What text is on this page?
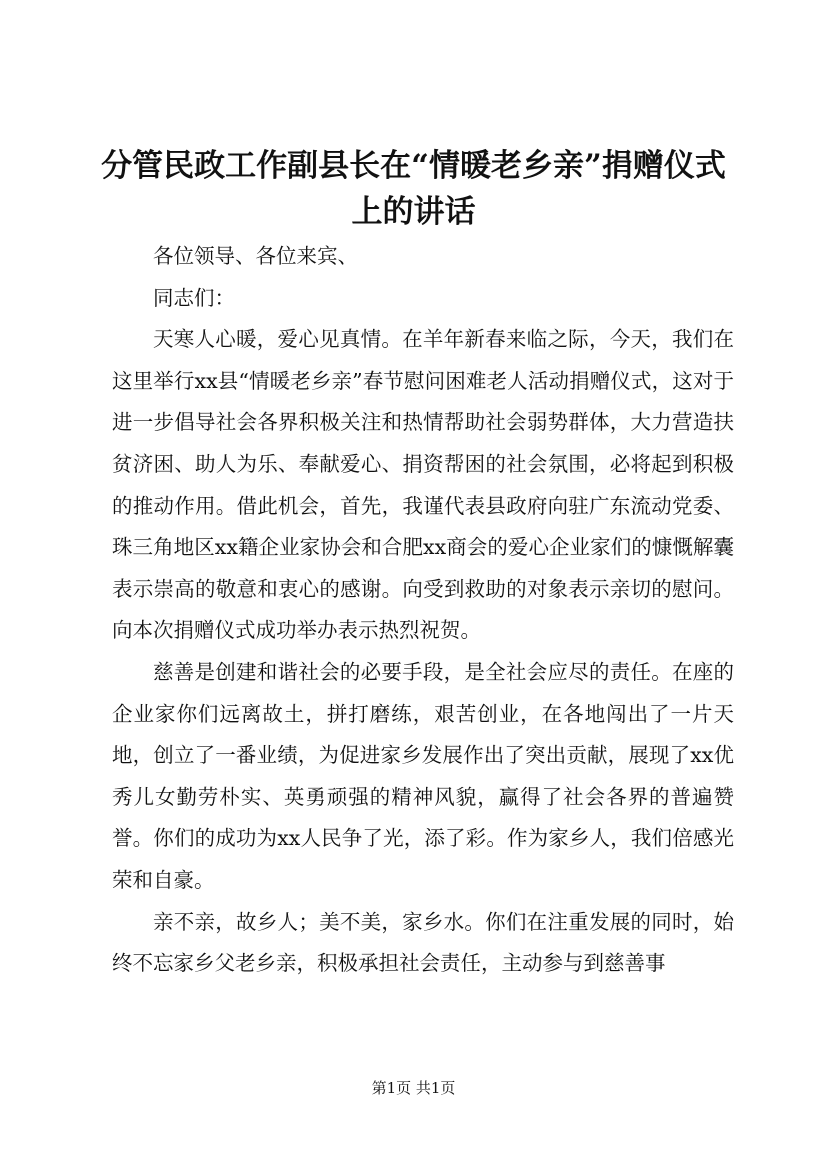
分管民政工作副县长在“情暖老乡亲”捐赠仪式上的讲话

各位领导、各位来宾、

同志们：

天寒人心暖，爱心见真情。在羊年新春来临之际，今天，我们在这里举行xx县“情暖老乡亲”春节慰问困难老人活动捐赠仪式，这对于进一步倡导社会各界积极关注和热情帮助社会弱势群体，大力营造扶贫济困、助人为乐、奉献爱心、捐资帮困的社会氛围，必将起到积极的推动作用。借此机会，首先，我谨代表县政府向驻广东流动党委、珠三角地区xx籍企业家协会和合肥xx商会的爱心企业家们的慷慨解囊表示崇高的敬意和衷心的感谢。向受到救助的对象表示亲切的慰问。向本次捐赠仪式成功举办表示热烈祝贺。

慈善是创建和谐社会的必要手段，是全社会应尽的责任。在座的企业家你们远离故土，拼打磨练，艰苦创业，在各地闯出了一片天地，创立了一番业绩，为促进家乡发展作出了突出贡献，展现了xx优秀儿女勤劳朴实、英勇顽强的精神风貌，赢得了社会各界的普遍赞誉。你们的成功为xx人民争了光，添了彩。作为家乡人，我们倍感光荣和自豪。

亲不亲，故乡人；美不美，家乡水。你们在注重发展的同时，始终不忘家乡父老乡亲，积极承担社会责任，主动参与到慈善事

第1页 共1页
